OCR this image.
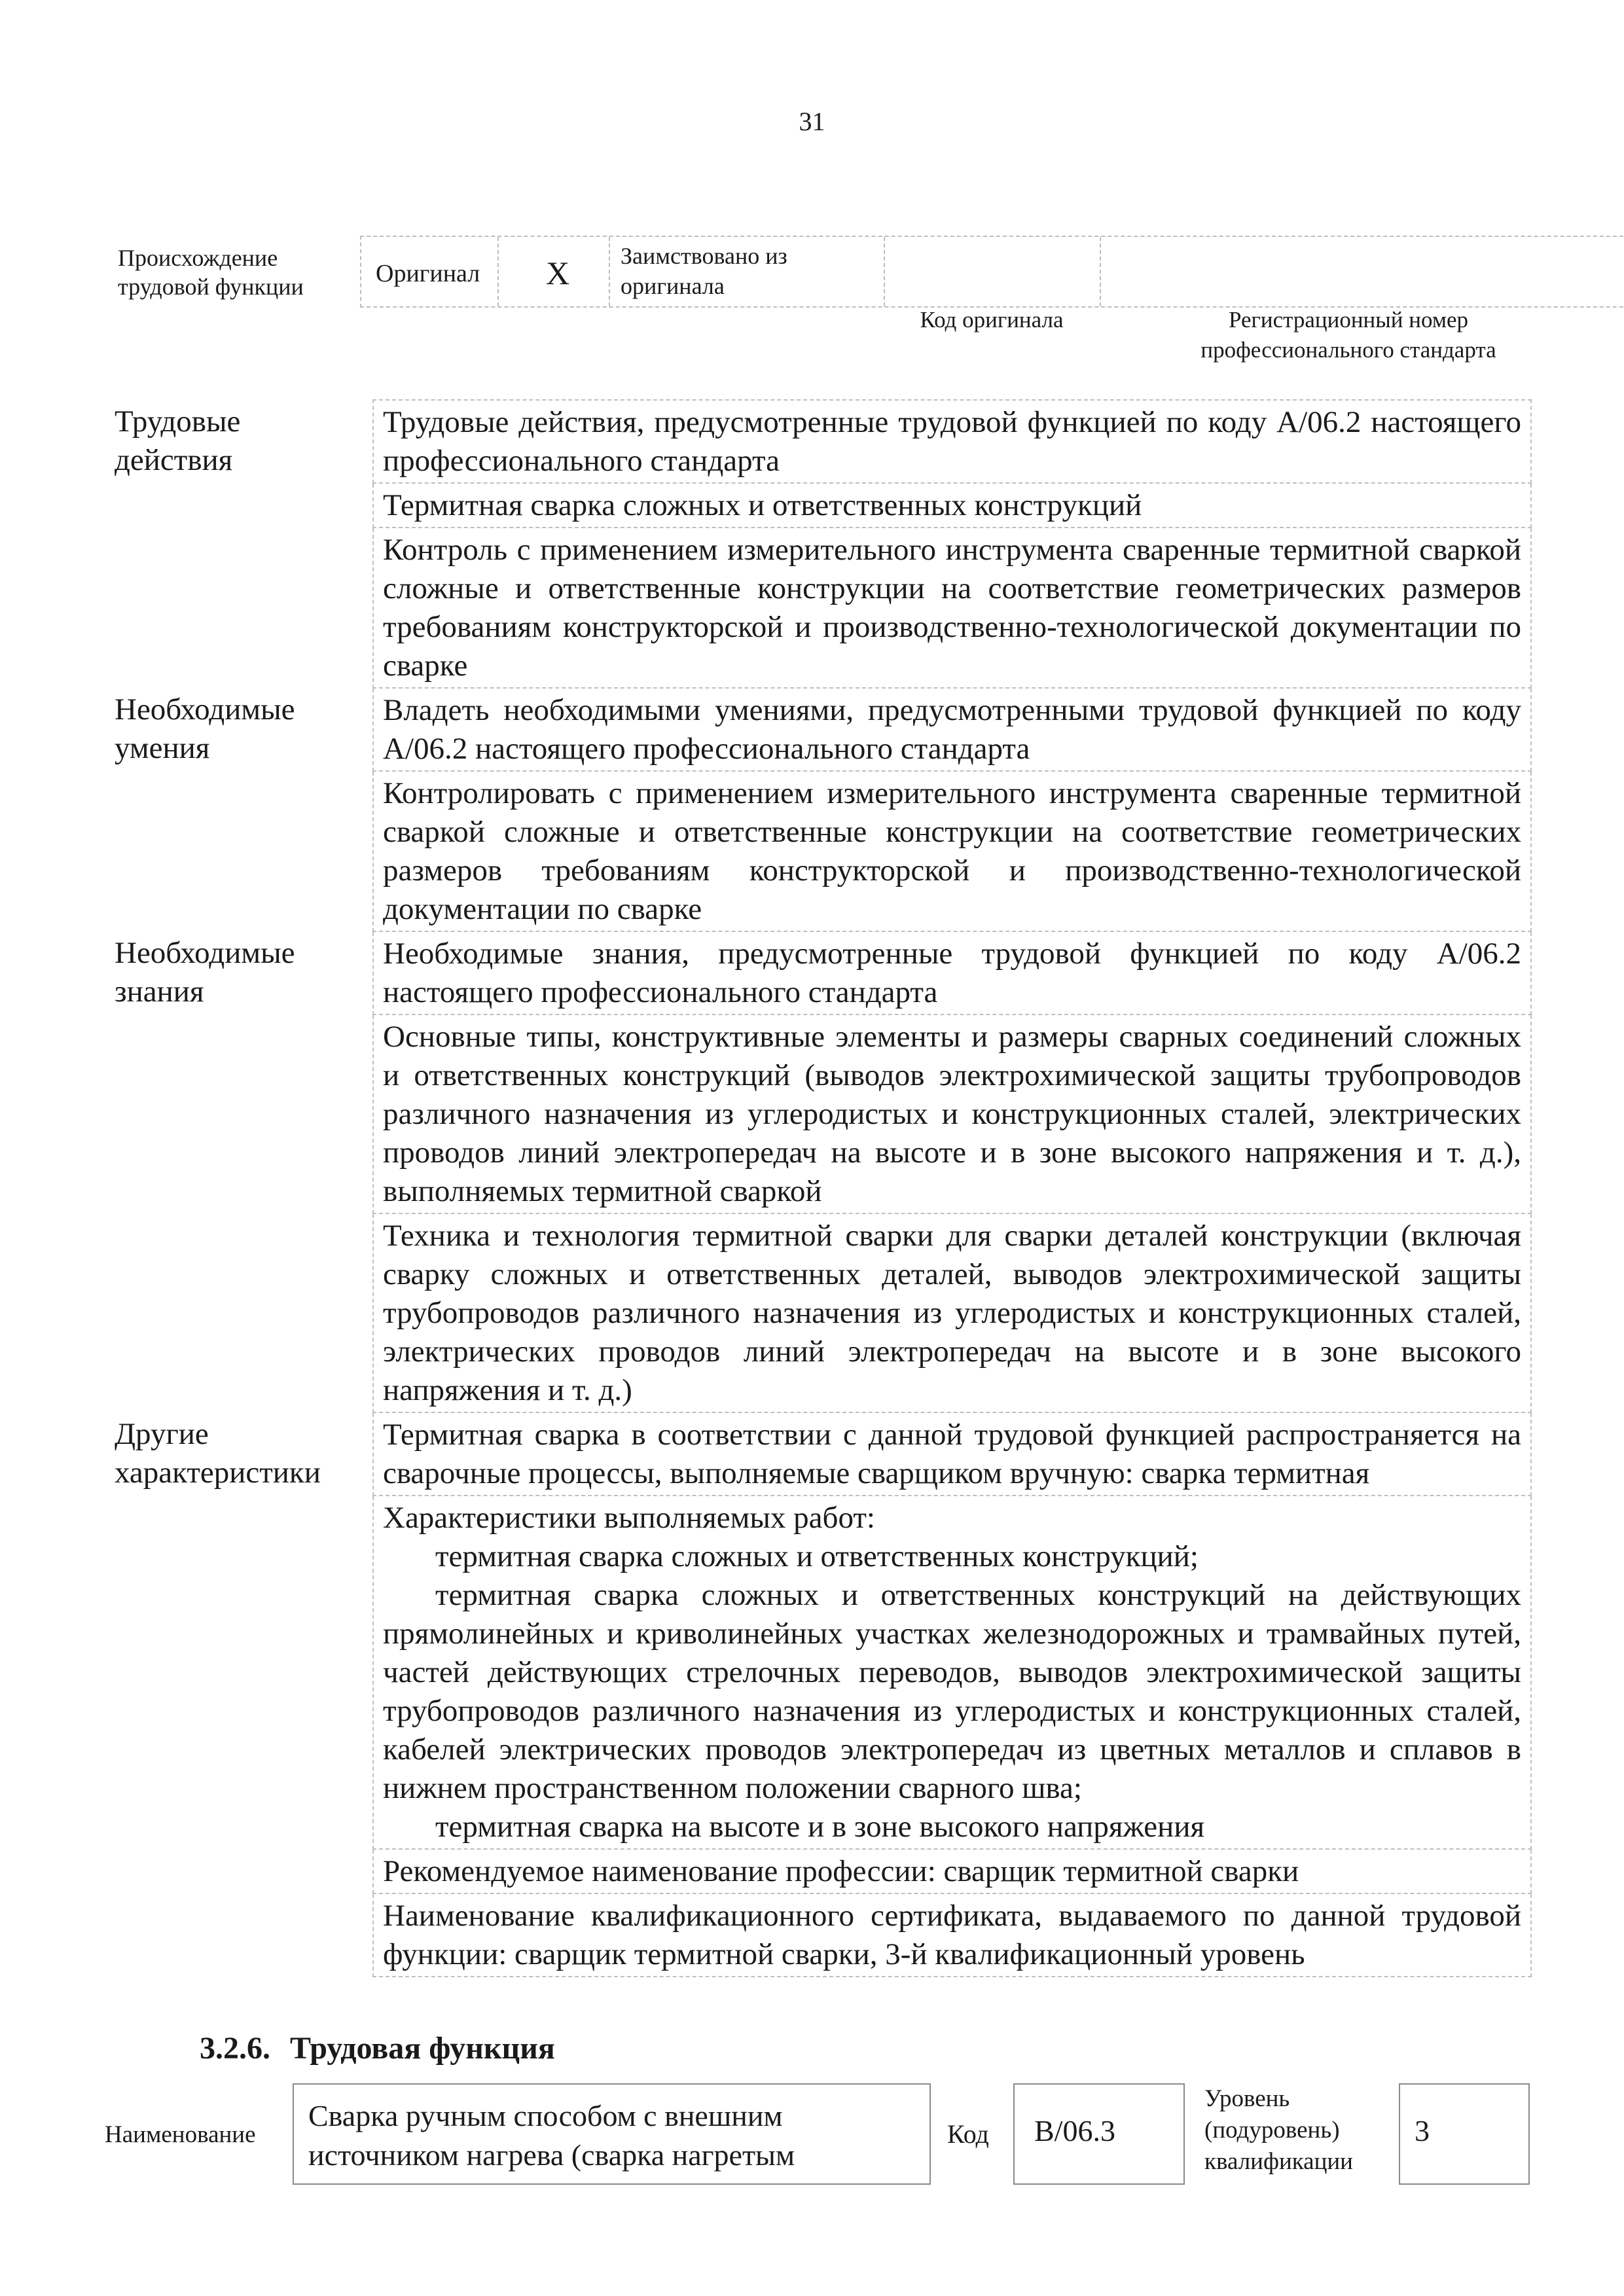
31
Происхождение трудовой функции	Оригинал X Заимствовано из оригинала
Код оригинала	Регистрационный номер профессионального стандарта
Трудовые действия	Трудовые действия, предусмотренные трудовой функцией по коду А/06.2 настоящего профессионального стандарта
	Термитная сварка сложных и ответственных конструкций
	Контроль с применением измерительного инструмента сваренные термитной сваркой сложные и ответственные конструкции на соответствие геометрических размеров требованиям конструкторской и производственно-технологической документации по сварке
Необходимые умения	Владеть необходимыми умениями, предусмотренными трудовой функцией по коду А/06.2 настоящего профессионального стандарта
	Контролировать с применением измерительного инструмента сваренные термитной сваркой сложные и ответственные конструкции на соответствие геометрических размеров требованиям конструкторской и производственно-технологической документации по сварке
Необходимые знания	Необходимые знания, предусмотренные трудовой функцией по коду А/06.2 настоящего профессионального стандарта
	Основные типы, конструктивные элементы и размеры сварных соединений сложных и ответственных конструкций (выводов электрохимической защиты трубопроводов различного назначения из углеродистых и конструкционных сталей, электрических проводов линий электропередач на высоте и в зоне высокого напряжения и т. д.), выполняемых термитной сваркой
	Техника и технология термитной сварки для сварки деталей конструкции (включая сварку сложных и ответственных деталей, выводов электрохимической защиты трубопроводов различного назначения из углеродистых и конструкционных сталей, электрических проводов линий электропередач на высоте и в зоне высокого напряжения и т. д.)
Другие характеристики	Термитная сварка в соответствии с данной трудовой функцией распространяется на сварочные процессы, выполняемые сварщиком вручную: сварка термитная

	Характеристики выполняемых работ:
термитная сварка сложных и ответственных конструкций;
термитная сварка сложных и ответственных конструкций на действующих прямолинейных и криволинейных участках железнодорожных и трамвайных путей, частей действующих стрелочных переводов, выводов электрохимической защиты трубопроводов различного назначения из углеродистых и конструкционных сталей, кабелей электрических проводов электропередач из цветных металлов и сплавов в нижнем пространственном положении сварного шва;
термитная сварка на высоте и в зоне высокого напряжения

	Рекомендуемое наименование профессии: сварщик термитной сварки
	Наименование квалификационного сертификата, выдаваемого по данной трудовой функции: сварщик термитной сварки, 3-й квалификационный уровень
3.2.6. Трудовая функция
Наименование
Сварка ручным способом с внешним источником нагрева (сварка нагретым
Код	B/06.3
Уровень
(подуровень)
квалификации
3
